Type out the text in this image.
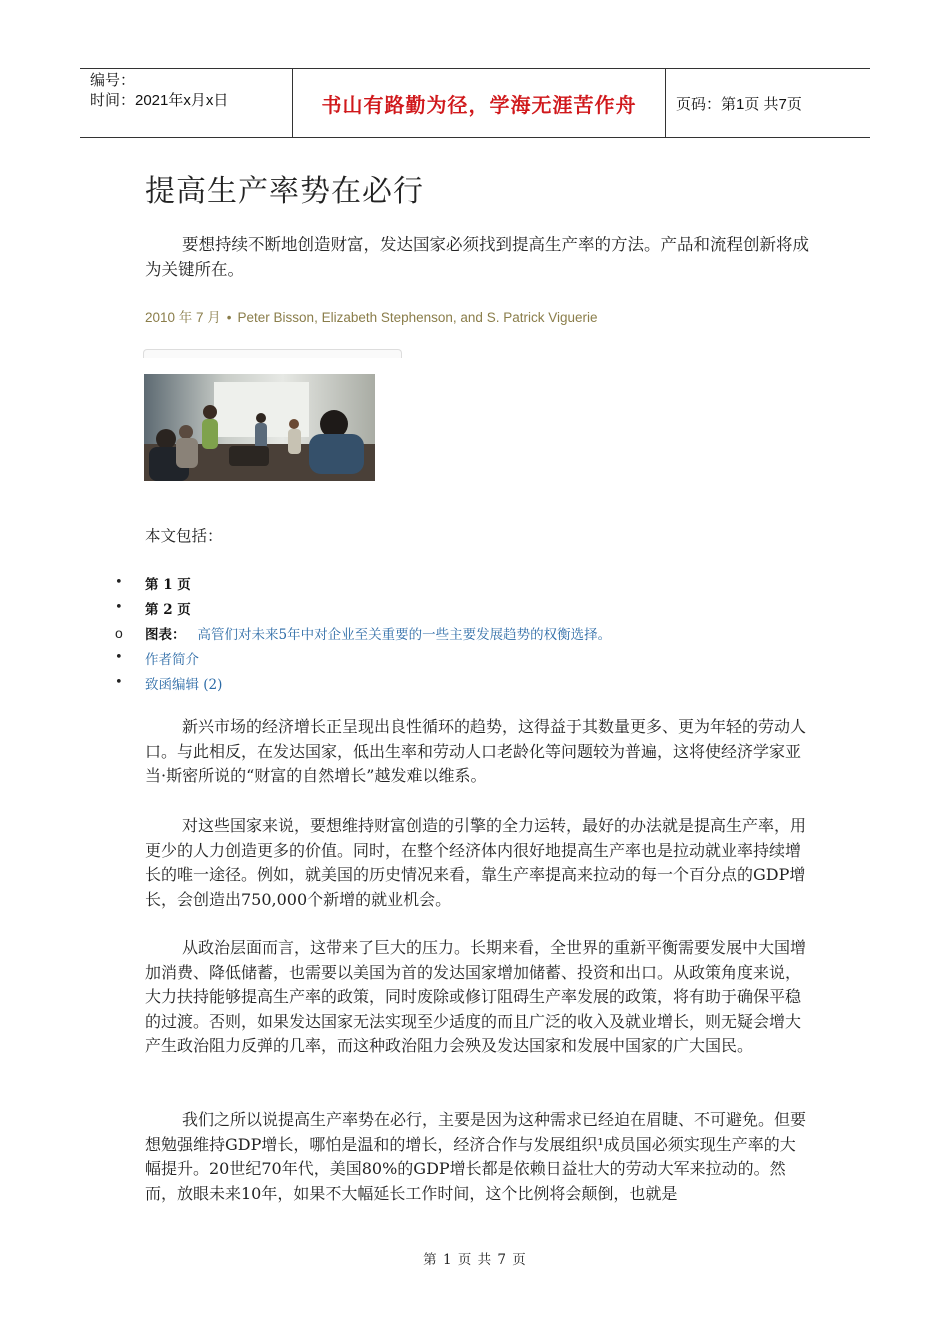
编号：
时间：2021年x月x日	书山有路勤为径，学海无涯苦作舟	页码：第1页 共7页
提高生产率势在必行
要想持续不断地创造财富，发达国家必须找到提高生产率的方法。产品和流程创新将成为关键所在。
2010 年 7 月 • Peter Bisson, Elizabeth Stephenson, and S. Patrick Viguerie
本文包括：
•	第 1 页
•	第 2 页
o	图表： 高管们对未来5年中对企业至关重要的一些主要发展趋势的权衡选择。
•	作者简介
•	致函编辑 (2)
新兴市场的经济增长正呈现出良性循环的趋势，这得益于其数量更多、更为年轻的劳动人口。与此相反，在发达国家，低出生率和劳动人口老龄化等问题较为普遍，这将使经济学家亚当·斯密所说的“财富的自然增长”越发难以维系。
对这些国家来说，要想维持财富创造的引擎的全力运转，最好的办法就是提高生产率，用更少的人力创造更多的价值。同时，在整个经济体内很好地提高生产率也是拉动就业率持续增长的唯一途径。例如，就美国的历史情况来看，靠生产率提高来拉动的每一个百分点的GDP增长，会创造出750,000个新增的就业机会。
从政治层面而言，这带来了巨大的压力。长期来看，全世界的重新平衡需要发展中大国增加消费、降低储蓄，也需要以美国为首的发达国家增加储蓄、投资和出口。从政策角度来说，大力扶持能够提高生产率的政策，同时废除或修订阻碍生产率发展的政策，将有助于确保平稳的过渡。否则，如果发达国家无法实现至少适度的而且广泛的收入及就业增长，则无疑会增大产生政治阻力反弹的几率，而这种政治阻力会殃及发达国家和发展中国家的广大国民。
我们之所以说提高生产率势在必行，主要是因为这种需求已经迫在眉睫、不可避免。但要想勉强维持GDP增长，哪怕是温和的增长，经济合作与发展组织¹成员国必须实现生产率的大幅提升。20世纪70年代，美国80%的GDP增长都是依赖日益壮大的劳动大军来拉动的。然而，放眼未来10年，如果不大幅延长工作时间，这个比例将会颠倒，也就是
第 1 页 共 7 页
